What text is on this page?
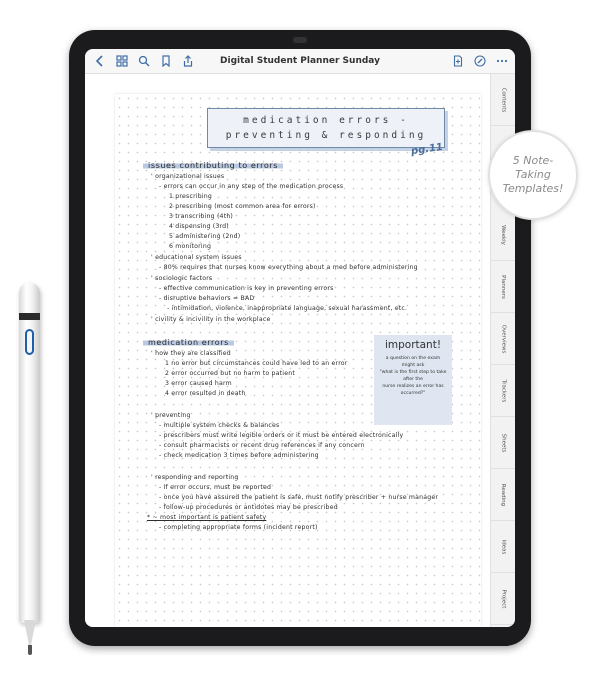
Digital Student Planner Sunday
medication errors -
preventing & responding
pg.11
issues contributing to errors
' organizational issues
- errors can occur in any step of the medication process
1 prescribing
2 prescribing (most common area for errors)
3 transcribing (4th)
4 dispensing (3rd)
5 administering (2nd)
6 monitoring
' educational system issues
- 80% requires that nurses know everything about a med before administering
' sociologic factors
- effective communication is key in preventing errors
- disruptive behaviors = BAD
- intimidation, violence, inappropriate language, sexual harassment, etc.
' civility & incivility in the workplace
medication errors
' how they are classified
1 no error but circumstances could have led to an error
2 error occurred but no harm to patient
3 error caused harm
4 error resulted in death
' preventing
- multiple system checks & balances
- prescribers must write legible orders or it must be entered electronically
- consult pharmacists or recent drug references if any concern
- check medication 3 times before administering
' responding and reporting
- if error occurs, must be reported
- once you have assured the patient is safe, must notify prescriber + nurse manager
- follow-up procedures or antidotes may be prescribed
* ~ most important is patient safety
- completing appropriate forms (incident report)
important!
a question on the exam might ask
"what is the first step to take after the
nurse realizes an error has occurred?"
Contents
Weekly
Planners
Overviews
Trackers
Sheets
Reading
Ideas
Project
5 Note-
Taking
Templates!
